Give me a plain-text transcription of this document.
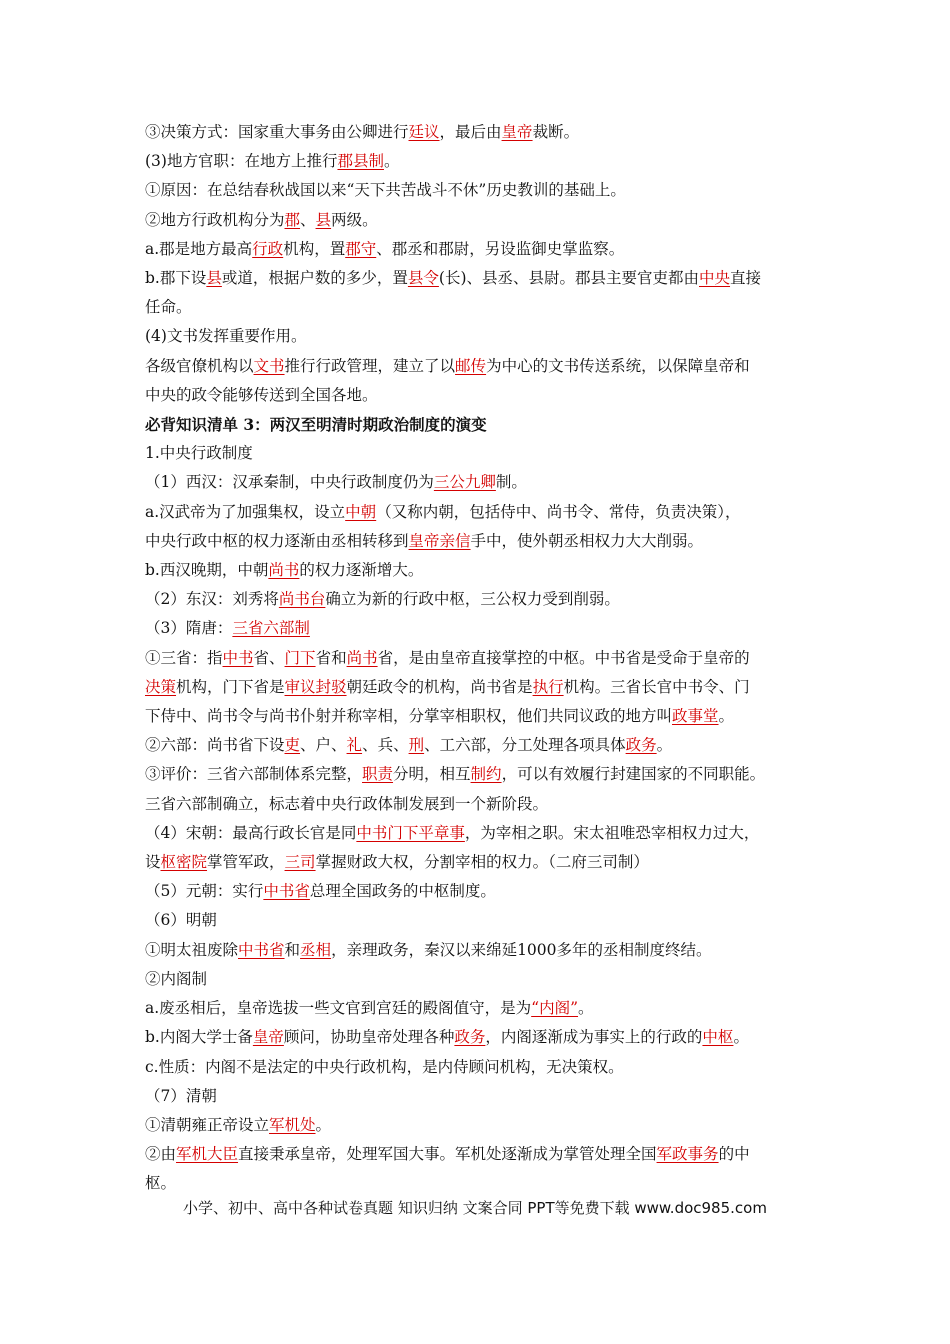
③决策方式：国家重大事务由公卿进行廷议，最后由皇帝裁断。
(3)地方官职：在地方上推行郡县制。
①原因：在总结春秋战国以来“天下共苦战斗不休”历史教训的基础上。
②地方行政机构分为郡、县两级。
a.郡是地方最高行政机构，置郡守、郡丞和郡尉，另设监御史掌监察。
b.郡下设县或道，根据户数的多少，置县令(长)、县丞、县尉。郡县主要官吏都由中央直接
任命。
(4)文书发挥重要作用。
各级官僚机构以文书推行行政管理，建立了以邮传为中心的文书传送系统，以保障皇帝和
中央的政令能够传送到全国各地。
必背知识清单 3：两汉至明清时期政治制度的演变
1.中央行政制度
（1）西汉：汉承秦制，中央行政制度仍为三公九卿制。
a.汉武帝为了加强集权，设立中朝（又称内朝，包括侍中、尚书令、常侍，负责决策），
中央行政中枢的权力逐渐由丞相转移到皇帝亲信手中，使外朝丞相权力大大削弱。
b.西汉晚期，中朝尚书的权力逐渐增大。
（2）东汉：刘秀将尚书台确立为新的行政中枢，三公权力受到削弱。
（3）隋唐：三省六部制
①三省：指中书省、门下省和尚书省，是由皇帝直接掌控的中枢。中书省是受命于皇帝的
决策机构，门下省是审议封驳朝廷政令的机构，尚书省是执行机构。三省长官中书令、门
下侍中、尚书令与尚书仆射并称宰相，分掌宰相职权，他们共同议政的地方叫政事堂。
②六部：尚书省下设吏、户、礼、兵、刑、工六部，分工处理各项具体政务。
③评价：三省六部制体系完整，职责分明，相互制约，可以有效履行封建国家的不同职能。
三省六部制确立，标志着中央行政体制发展到一个新阶段。
（4）宋朝：最高行政长官是同中书门下平章事，为宰相之职。宋太祖唯恐宰相权力过大，
设枢密院掌管军政，三司掌握财政大权，分割宰相的权力。（二府三司制）
（5）元朝：实行中书省总理全国政务的中枢制度。
（6）明朝
①明太祖废除中书省和丞相，亲理政务，秦汉以来绵延1000多年的丞相制度终结。
②内阁制
a.废丞相后，皇帝选拔一些文官到宫廷的殿阁值守，是为“内阁”。
b.内阁大学士备皇帝顾问，协助皇帝处理各种政务，内阁逐渐成为事实上的行政的中枢。
c.性质：内阁不是法定的中央行政机构，是内侍顾问机构，无决策权。
（7）清朝
①清朝雍正帝设立军机处。
②由军机大臣直接秉承皇帝，处理军国大事。军机处逐渐成为掌管处理全国军政事务的中
枢。
小学、初中、高中各种试卷真题 知识归纳 文案合同 PPT等免费下载 www.doc985.com
